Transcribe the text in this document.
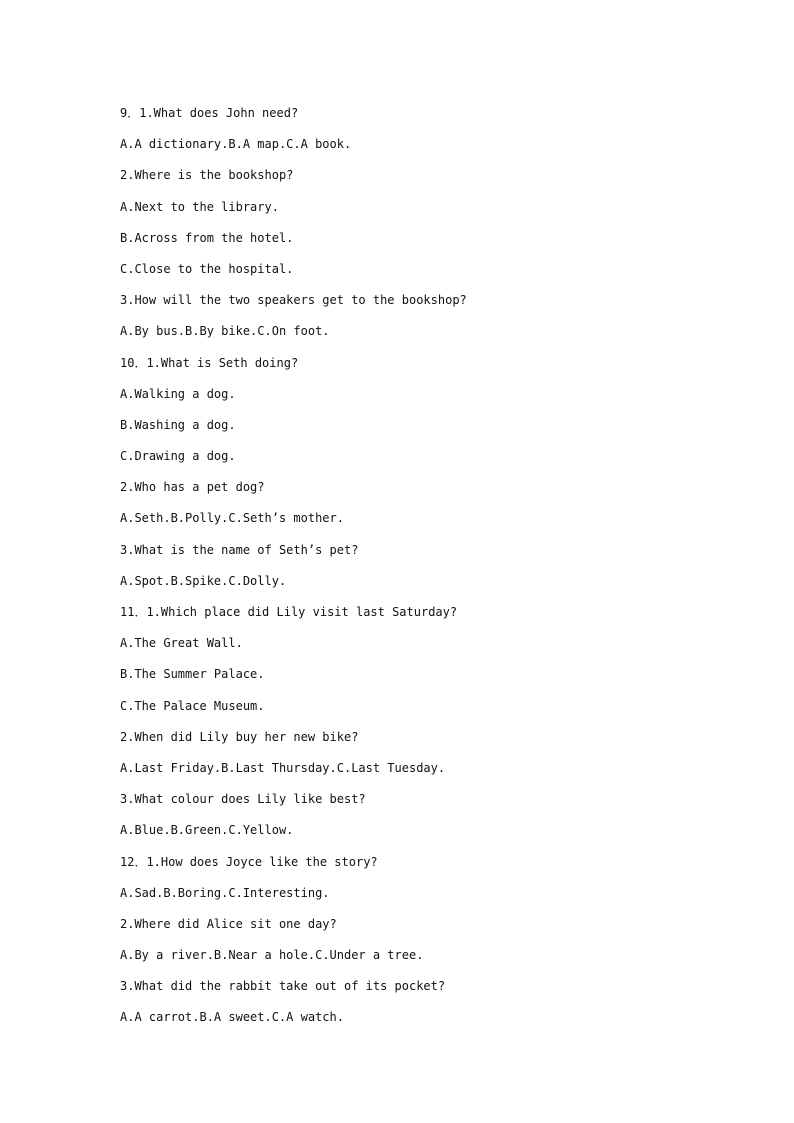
9．1.What does John need?
A.A dictionary.B.A map.C.A book.
2.Where is the bookshop?
A.Next to the library.
B.Across from the hotel.
C.Close to the hospital.
3.How will the two speakers get to the bookshop?
A.By bus.B.By bike.C.On foot.
10．1.What is Seth doing?
A.Walking a dog.
B.Washing a dog.
C.Drawing a dog.
2.Who has a pet dog?
A.Seth.B.Polly.C.Seth’s mother.
3.What is the name of Seth’s pet?
A.Spot.B.Spike.C.Dolly.
11．1.Which place did Lily visit last Saturday?
A.The Great Wall.
B.The Summer Palace.
C.The Palace Museum.
2.When did Lily buy her new bike?
A.Last Friday.B.Last Thursday.C.Last Tuesday.
3.What colour does Lily like best?
A.Blue.B.Green.C.Yellow.
12．1.How does Joyce like the story?
A.Sad.B.Boring.C.Interesting.
2.Where did Alice sit one day?
A.By a river.B.Near a hole.C.Under a tree.
3.What did the rabbit take out of its pocket?
A.A carrot.B.A sweet.C.A watch.
